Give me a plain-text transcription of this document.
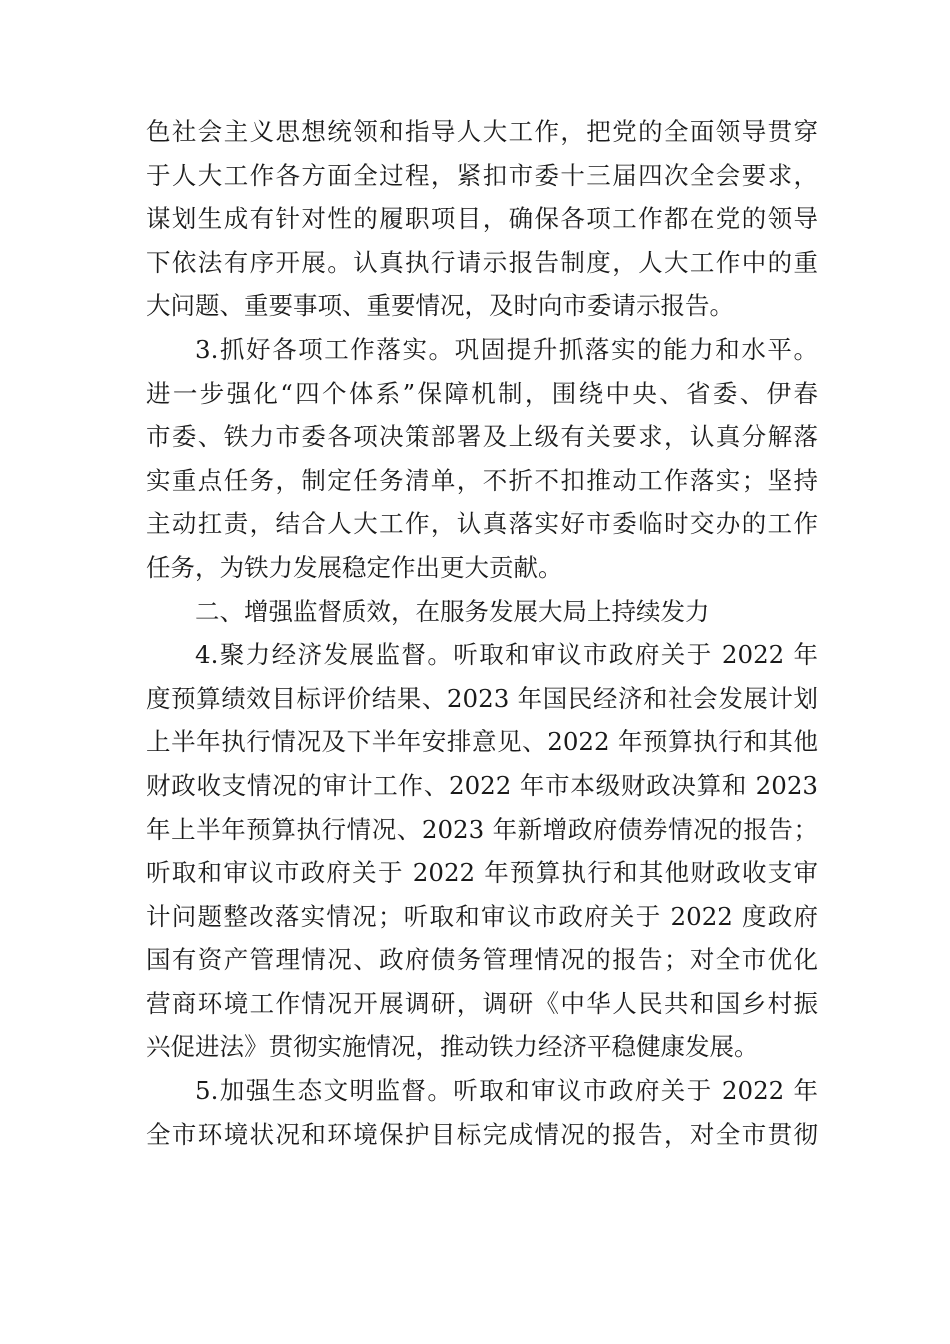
色社会主义思想统领和指导人大工作，把党的全面领导贯穿
于人大工作各方面全过程，紧扣市委十三届四次全会要求，
谋划生成有针对性的履职项目，确保各项工作都在党的领导
下依法有序开展。认真执行请示报告制度，人大工作中的重
大问题、重要事项、重要情况，及时向市委请示报告。
3.抓好各项工作落实。巩固提升抓落实的能力和水平。
进一步强化“四个体系”保障机制，围绕中央、省委、伊春
市委、铁力市委各项决策部署及上级有关要求，认真分解落
实重点任务，制定任务清单，不折不扣推动工作落实；坚持
主动扛责，结合人大工作，认真落实好市委临时交办的工作
任务，为铁力发展稳定作出更大贡献。
二、增强监督质效，在服务发展大局上持续发力
4.聚力经济发展监督。听取和审议市政府关于 2022 年
度预算绩效目标评价结果、2023 年国民经济和社会发展计划
上半年执行情况及下半年安排意见、2022 年预算执行和其他
财政收支情况的审计工作、2022 年市本级财政决算和 2023
年上半年预算执行情况、2023 年新增政府债券情况的报告；
听取和审议市政府关于 2022 年预算执行和其他财政收支审
计问题整改落实情况；听取和审议市政府关于 2022 度政府
国有资产管理情况、政府债务管理情况的报告；对全市优化
营商环境工作情况开展调研，调研《中华人民共和国乡村振
兴促进法》贯彻实施情况，推动铁力经济平稳健康发展。
5.加强生态文明监督。听取和审议市政府关于 2022 年
全市环境状况和环境保护目标完成情况的报告，对全市贯彻
